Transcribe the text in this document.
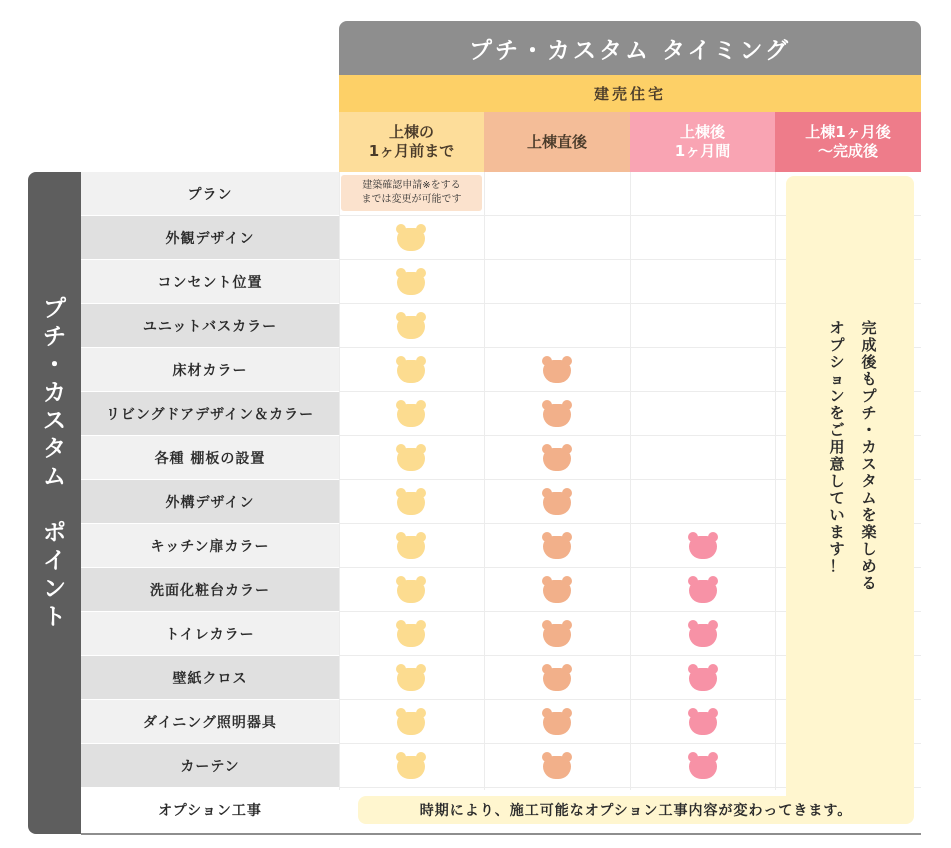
プチ・カスタム タイミング
建売住宅
上棟の
1ヶ月前まで
上棟直後
上棟後
1ヶ月間
上棟1ヶ月後
～完成後
プ
チ
・
カ
ス
タ
ム

ポ
イ
ン
ト
プラン
外観デザイン
コンセント位置
ユニットバスカラー
床材カラー
リビングドアデザイン＆カラー
各種 棚板の設置
外構デザイン
キッチン扉カラー
洗面化粧台カラー
トイレカラー
壁紙クロス
ダイニング照明器具
カーテン
オプション工事
建築確認申請※をする
までは変更が可能です
完
成
後
も
プ
チ
・
カ
ス
タ
ム
を
楽
し
め
る
オ
プ
シ
ョ
ン
を
ご
用
意
し
て
い
ま
す
！
時期により、施工可能なオプション工事内容が変わってきます。
